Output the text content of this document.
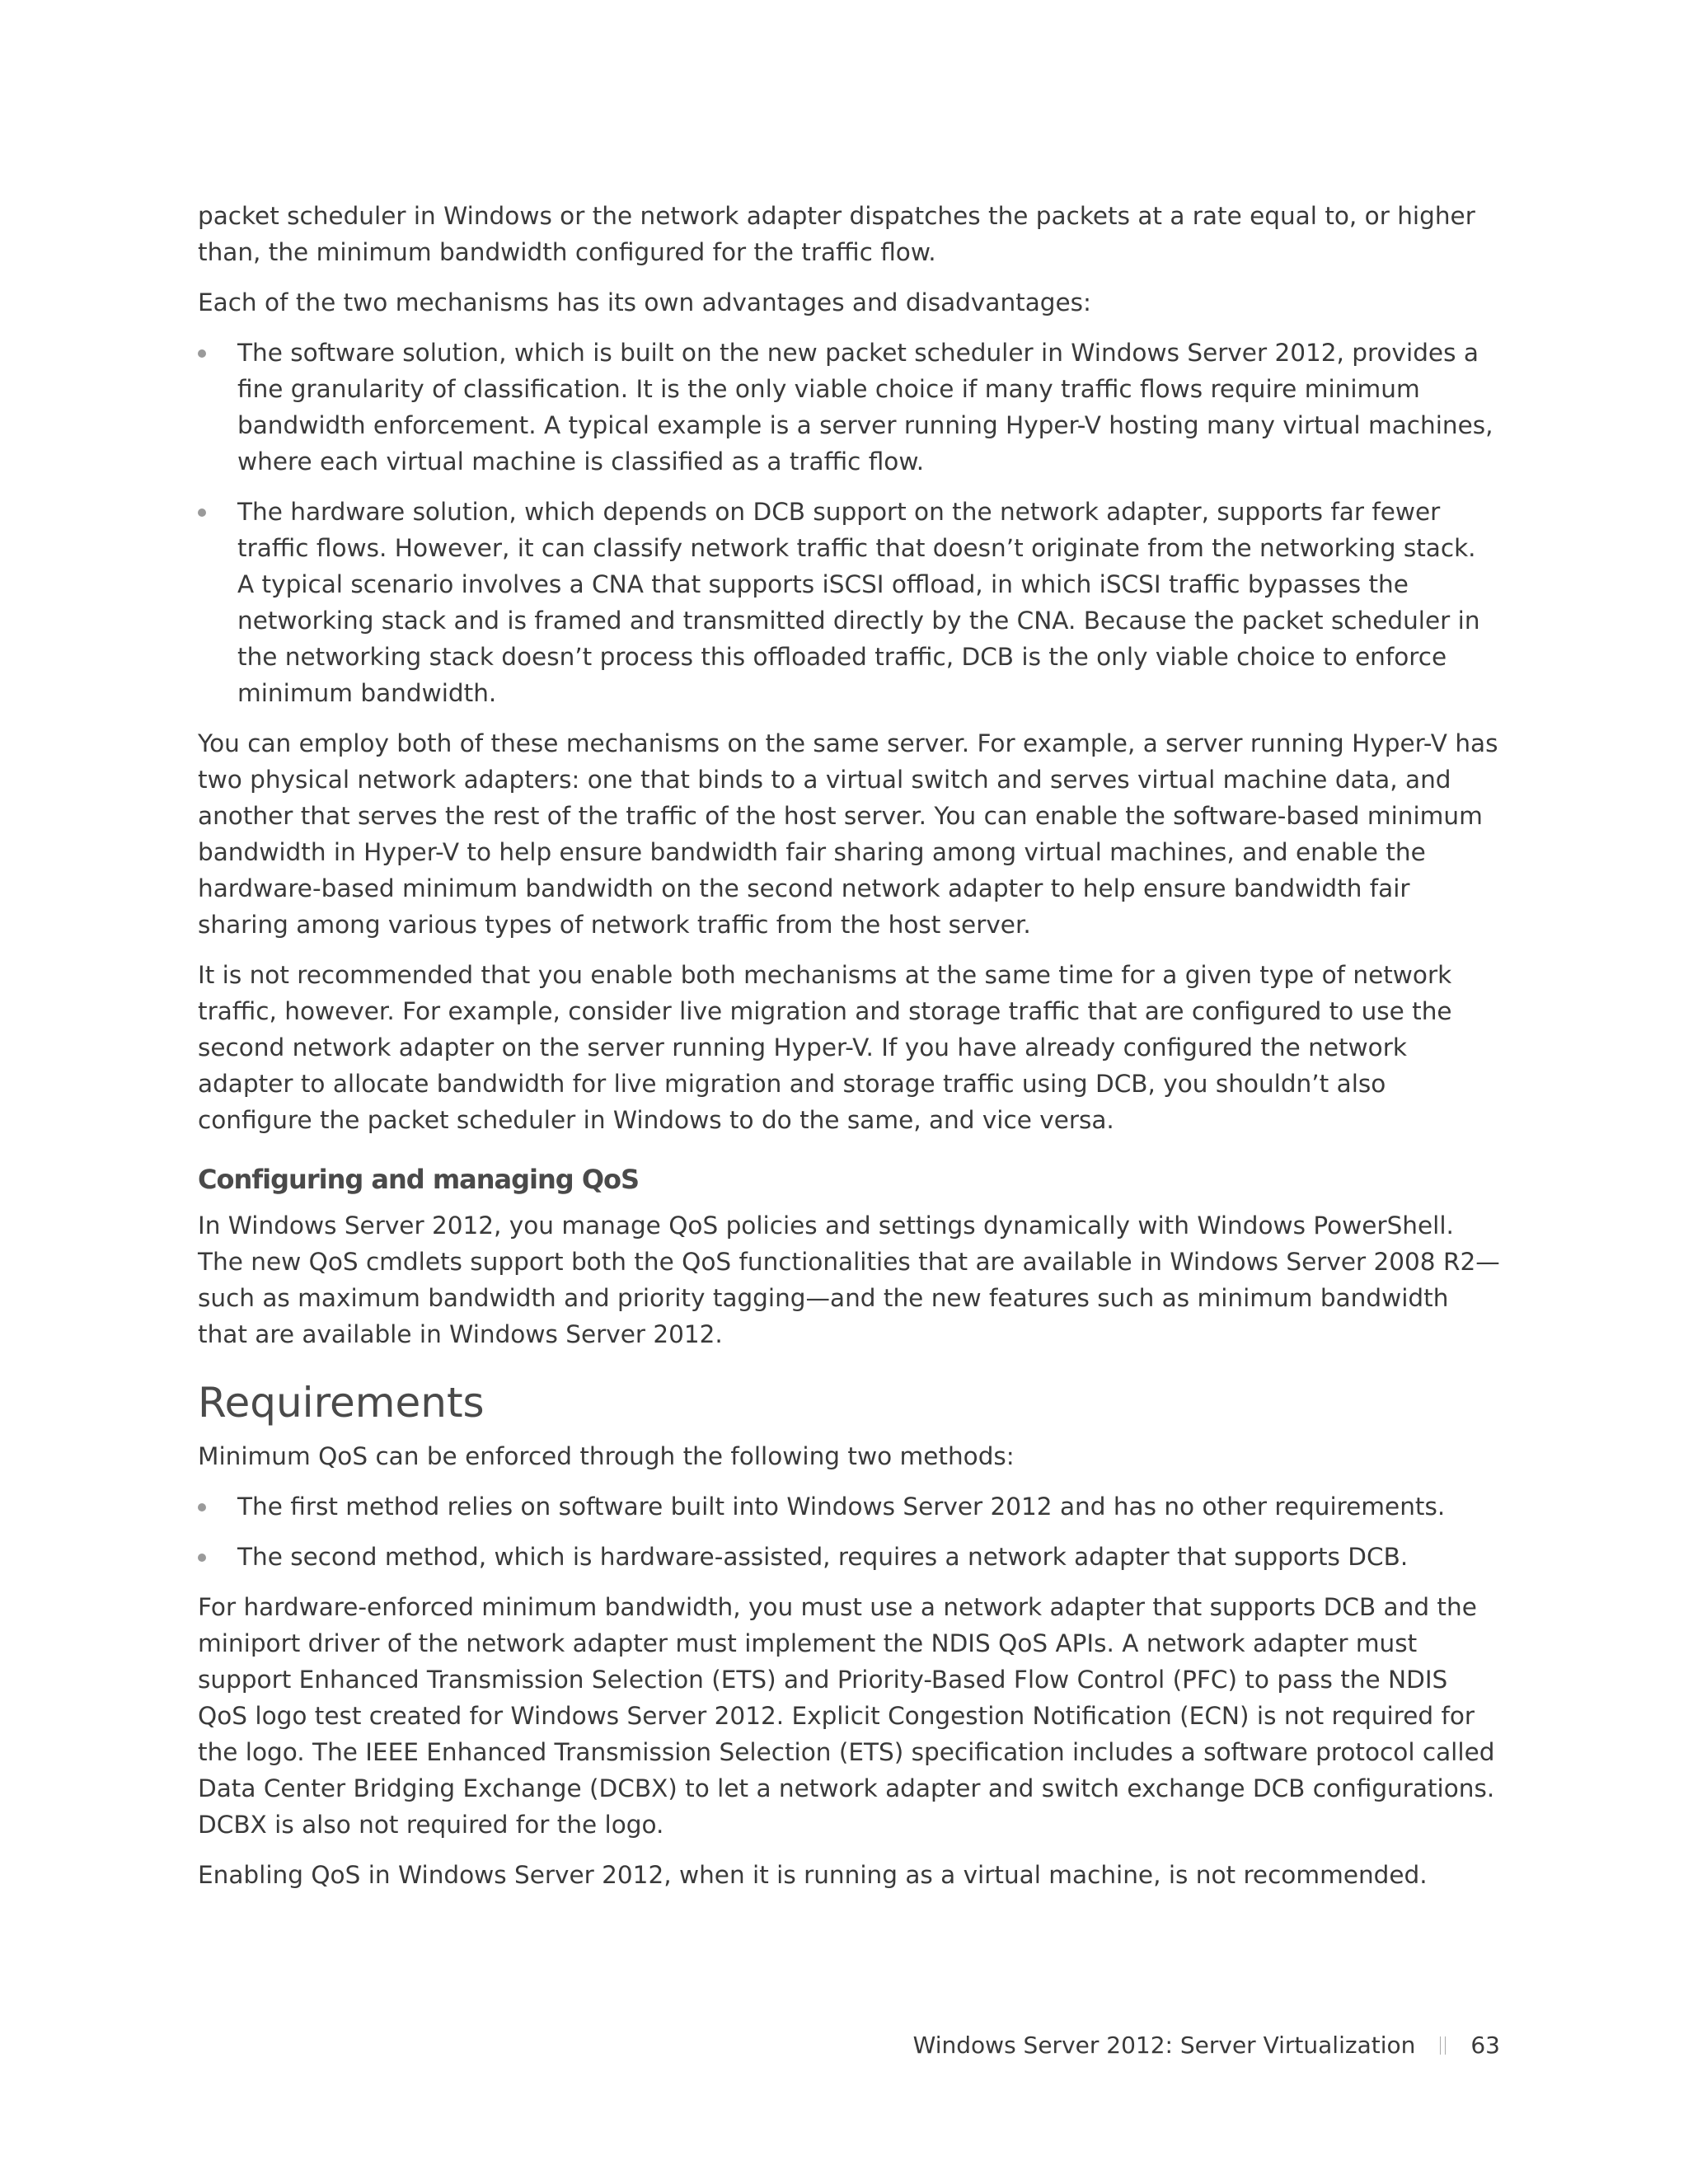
packet scheduler in Windows or the network adapter dispatches the packets at a rate equal to, or higher than, the minimum bandwidth configured for the traffic flow.

Each of the two mechanisms has its own advantages and disadvantages:

The software solution, which is built on the new packet scheduler in Windows Server 2012, provides a fine granularity of classification. It is the only viable choice if many traffic flows require minimum bandwidth enforcement. A typical example is a server running Hyper-V hosting many virtual machines, where each virtual machine is classified as a traffic flow.
The hardware solution, which depends on DCB support on the network adapter, supports far fewer traffic flows. However, it can classify network traffic that doesn’t originate from the networking stack. A typical scenario involves a CNA that supports iSCSI offload, in which iSCSI traffic bypasses the networking stack and is framed and transmitted directly by the CNA. Because the packet scheduler in the networking stack doesn’t process this offloaded traffic, DCB is the only viable choice to enforce minimum bandwidth.

You can employ both of these mechanisms on the same server. For example, a server running Hyper-V has two physical network adapters: one that binds to a virtual switch and serves virtual machine data, and another that serves the rest of the traffic of the host server. You can enable the software-based minimum bandwidth in Hyper-V to help ensure bandwidth fair sharing among virtual machines, and enable the hardware-based minimum bandwidth on the second network adapter to help ensure bandwidth fair sharing among various types of network traffic from the host server.

It is not recommended that you enable both mechanisms at the same time for a given type of network traffic, however. For example, consider live migration and storage traffic that are configured to use the second network adapter on the server running Hyper-V. If you have already configured the network adapter to allocate bandwidth for live migration and storage traffic using DCB, you shouldn’t also configure the packet scheduler in Windows to do the same, and vice versa.

Configuring and managing QoS

In Windows Server 2012, you manage QoS policies and settings dynamically with Windows PowerShell. The new QoS cmdlets support both the QoS functionalities that are available in Windows Server 2008 R2—such as maximum bandwidth and priority tagging—and the new features such as minimum bandwidth that are available in Windows Server 2012.

Requirements

Minimum QoS can be enforced through the following two methods:

The first method relies on software built into Windows Server 2012 and has no other requirements.
The second method, which is hardware-assisted, requires a network adapter that supports DCB.

For hardware-enforced minimum bandwidth, you must use a network adapter that supports DCB and the miniport driver of the network adapter must implement the NDIS QoS APIs. A network adapter must support Enhanced Transmission Selection (ETS) and Priority-Based Flow Control (PFC) to pass the NDIS QoS logo test created for Windows Server 2012. Explicit Congestion Notification (ECN) is not required for the logo. The IEEE Enhanced Transmission Selection (ETS) specification includes a software protocol called Data Center Bridging Exchange (DCBX) to let a network adapter and switch exchange DCB configurations. DCBX is also not required for the logo.

Enabling QoS in Windows Server 2012, when it is running as a virtual machine, is not recommended.

Windows Server 2012: Server Virtualization 63
